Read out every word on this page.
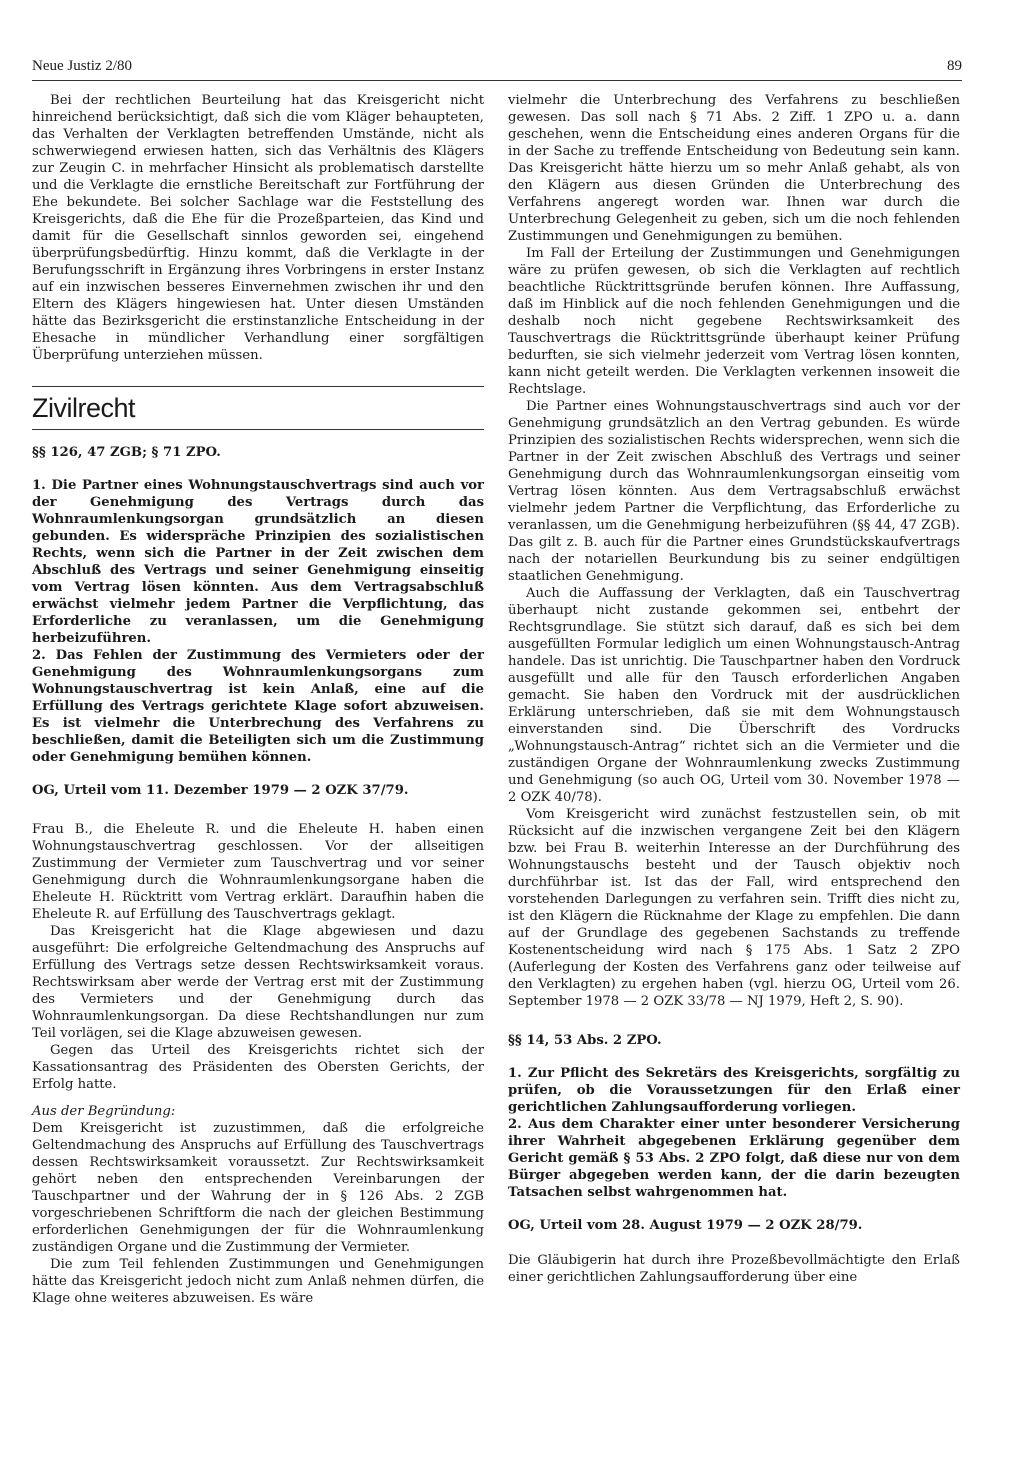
Neue Justiz 2/80	89

Bei der rechtlichen Beurteilung hat das Kreisgericht nicht hinreichend berücksichtigt, daß sich die vom Kläger behaupteten, das Verhalten der Verklagten betreffenden Umstände, nicht als schwerwiegend erwiesen hatten, sich das Verhältnis des Klägers zur Zeugin C. in mehrfacher Hinsicht als problematisch darstellte und die Verklagte die ernstliche Bereitschaft zur Fortführung der Ehe bekundete. Bei solcher Sachlage war die Feststellung des Kreisgerichts, daß die Ehe für die Prozeßparteien, das Kind und damit für die Gesellschaft sinnlos geworden sei, eingehend überprüfungsbedürftig. Hinzu kommt, daß die Verklagte in der Berufungsschrift in Ergänzung ihres Vorbringens in erster Instanz auf ein inzwischen besseres Einvernehmen zwischen ihr und den Eltern des Klägers hingewiesen hat. Unter diesen Umständen hätte das Bezirksgericht die erstinstanzliche Entscheidung in der Ehesache in mündlicher Verhandlung einer sorgfältigen Überprüfung unterziehen müssen.

Zivilrecht

§§ 126, 47 ZGB; § 71 ZPO.

1. Die Partner eines Wohnungstauschvertrags sind auch vor der Genehmigung des Vertrags durch das Wohnraumlenkungsorgan grundsätzlich an diesen gebunden. Es widerspräche Prinzipien des sozialistischen Rechts, wenn sich die Partner in der Zeit zwischen dem Abschluß des Vertrags und seiner Genehmigung einseitig vom Vertrag lösen könnten. Aus dem Vertragsabschluß erwächst vielmehr jedem Partner die Verpflichtung, das Erforderliche zu veranlassen, um die Genehmigung herbeizuführen.

2. Das Fehlen der Zustimmung des Vermieters oder der Genehmigung des Wohnraumlenkungsorgans zum Wohnungstauschvertrag ist kein Anlaß, eine auf die Erfüllung des Vertrags gerichtete Klage sofort abzuweisen. Es ist vielmehr die Unterbrechung des Verfahrens zu beschließen, damit die Beteiligten sich um die Zustimmung oder Genehmigung bemühen können.

OG, Urteil vom 11. Dezember 1979 — 2 OZK 37/79.

Frau B., die Eheleute R. und die Eheleute H. haben einen Wohnungstauschvertrag geschlossen. Vor der allseitigen Zustimmung der Vermieter zum Tauschvertrag und vor seiner Genehmigung durch die Wohnraumlenkungsorgane haben die Eheleute H. Rücktritt vom Vertrag erklärt. Daraufhin haben die Eheleute R. auf Erfüllung des Tauschvertrags geklagt.

Das Kreisgericht hat die Klage abgewiesen und dazu ausgeführt: Die erfolgreiche Geltendmachung des Anspruchs auf Erfüllung des Vertrags setze dessen Rechtswirksamkeit voraus. Rechtswirksam aber werde der Vertrag erst mit der Zustimmung des Vermieters und der Genehmigung durch das Wohnraumlenkungsorgan. Da diese Rechtshandlungen nur zum Teil vorlägen, sei die Klage abzuweisen gewesen.

Gegen das Urteil des Kreisgerichts richtet sich der Kassationsantrag des Präsidenten des Obersten Gerichts, der Erfolg hatte.

Aus der Begründung:

Dem Kreisgericht ist zuzustimmen, daß die erfolgreiche Geltendmachung des Anspruchs auf Erfüllung des Tauschvertrags dessen Rechtswirksamkeit voraussetzt. Zur Rechtswirksamkeit gehört neben den entsprechenden Vereinbarungen der Tauschpartner und der Wahrung der in § 126 Abs. 2 ZGB vorgeschriebenen Schriftform die nach der gleichen Bestimmung erforderlichen Genehmigungen der für die Wohnraumlenkung zuständigen Organe und die Zustimmung der Vermieter.

Die zum Teil fehlenden Zustimmungen und Genehmigungen hätte das Kreisgericht jedoch nicht zum Anlaß nehmen dürfen, die Klage ohne weiteres abzuweisen. Es wäre

vielmehr die Unterbrechung des Verfahrens zu beschließen gewesen. Das soll nach § 71 Abs. 2 Ziff. 1 ZPO u. a. dann geschehen, wenn die Entscheidung eines anderen Organs für die in der Sache zu treffende Entscheidung von Bedeutung sein kann. Das Kreisgericht hätte hierzu um so mehr Anlaß gehabt, als von den Klägern aus diesen Gründen die Unterbrechung des Verfahrens angeregt worden war. Ihnen war durch die Unterbrechung Gelegenheit zu geben, sich um die noch fehlenden Zustimmungen und Genehmigungen zu bemühen.

Im Fall der Erteilung der Zustimmungen und Genehmigungen wäre zu prüfen gewesen, ob sich die Verklagten auf rechtlich beachtliche Rücktrittsgründe berufen können. Ihre Auffassung, daß im Hinblick auf die noch fehlenden Genehmigungen und die deshalb noch nicht gegebene Rechtswirksamkeit des Tauschvertrags die Rücktrittsgründe überhaupt keiner Prüfung bedurften, sie sich vielmehr jederzeit vom Vertrag lösen konnten, kann nicht geteilt werden. Die Verklagten verkennen insoweit die Rechtslage.

Die Partner eines Wohnungstauschvertrags sind auch vor der Genehmigung grundsätzlich an den Vertrag gebunden. Es würde Prinzipien des sozialistischen Rechts widersprechen, wenn sich die Partner in der Zeit zwischen Abschluß des Vertrags und seiner Genehmigung durch das Wohnraumlenkungsorgan einseitig vom Vertrag lösen könnten. Aus dem Vertragsabschluß erwächst vielmehr jedem Partner die Verpflichtung, das Erforderliche zu veranlassen, um die Genehmigung herbeizuführen (§§ 44, 47 ZGB). Das gilt z. B. auch für die Partner eines Grundstückskaufvertrags nach der notariellen Beurkundung bis zu seiner endgültigen staatlichen Genehmigung.

Auch die Auffassung der Verklagten, daß ein Tauschvertrag überhaupt nicht zustande gekommen sei, entbehrt der Rechtsgrundlage. Sie stützt sich darauf, daß es sich bei dem ausgefüllten Formular lediglich um einen Wohnungstausch-Antrag handele. Das ist unrichtig. Die Tauschpartner haben den Vordruck ausgefüllt und alle für den Tausch erforderlichen Angaben gemacht. Sie haben den Vordruck mit der ausdrücklichen Erklärung unterschrieben, daß sie mit dem Wohnungstausch einverstanden sind. Die Überschrift des Vordrucks „Wohnungstausch-Antrag“ richtet sich an die Vermieter und die zuständigen Organe der Wohnraumlenkung zwecks Zustimmung und Genehmigung (so auch OG, Urteil vom 30. November 1978 — 2 OZK 40/78).

Vom Kreisgericht wird zunächst festzustellen sein, ob mit Rücksicht auf die inzwischen vergangene Zeit bei den Klägern bzw. bei Frau B. weiterhin Interesse an der Durchführung des Wohnungstauschs besteht und der Tausch objektiv noch durchführbar ist. Ist das der Fall, wird entsprechend den vorstehenden Darlegungen zu verfahren sein. Trifft dies nicht zu, ist den Klägern die Rücknahme der Klage zu empfehlen. Die dann auf der Grundlage des gegebenen Sachstands zu treffende Kostenentscheidung wird nach § 175 Abs. 1 Satz 2 ZPO (Auferlegung der Kosten des Verfahrens ganz oder teilweise auf den Verklagten) zu ergehen haben (vgl. hierzu OG, Urteil vom 26. September 1978 — 2 OZK 33/78 — NJ 1979, Heft 2, S. 90).

§§ 14, 53 Abs. 2 ZPO.

1. Zur Pflicht des Sekretärs des Kreisgerichts, sorgfältig zu prüfen, ob die Voraussetzungen für den Erlaß einer gerichtlichen Zahlungsaufforderung vorliegen.

2. Aus dem Charakter einer unter besonderer Versicherung ihrer Wahrheit abgegebenen Erklärung gegenüber dem Gericht gemäß § 53 Abs. 2 ZPO folgt, daß diese nur von dem Bürger abgegeben werden kann, der die darin bezeugten Tatsachen selbst wahrgenommen hat.

OG, Urteil vom 28. August 1979 — 2 OZK 28/79.

Die Gläubigerin hat durch ihre Prozeßbevollmächtigte den Erlaß einer gerichtlichen Zahlungsaufforderung über eine
